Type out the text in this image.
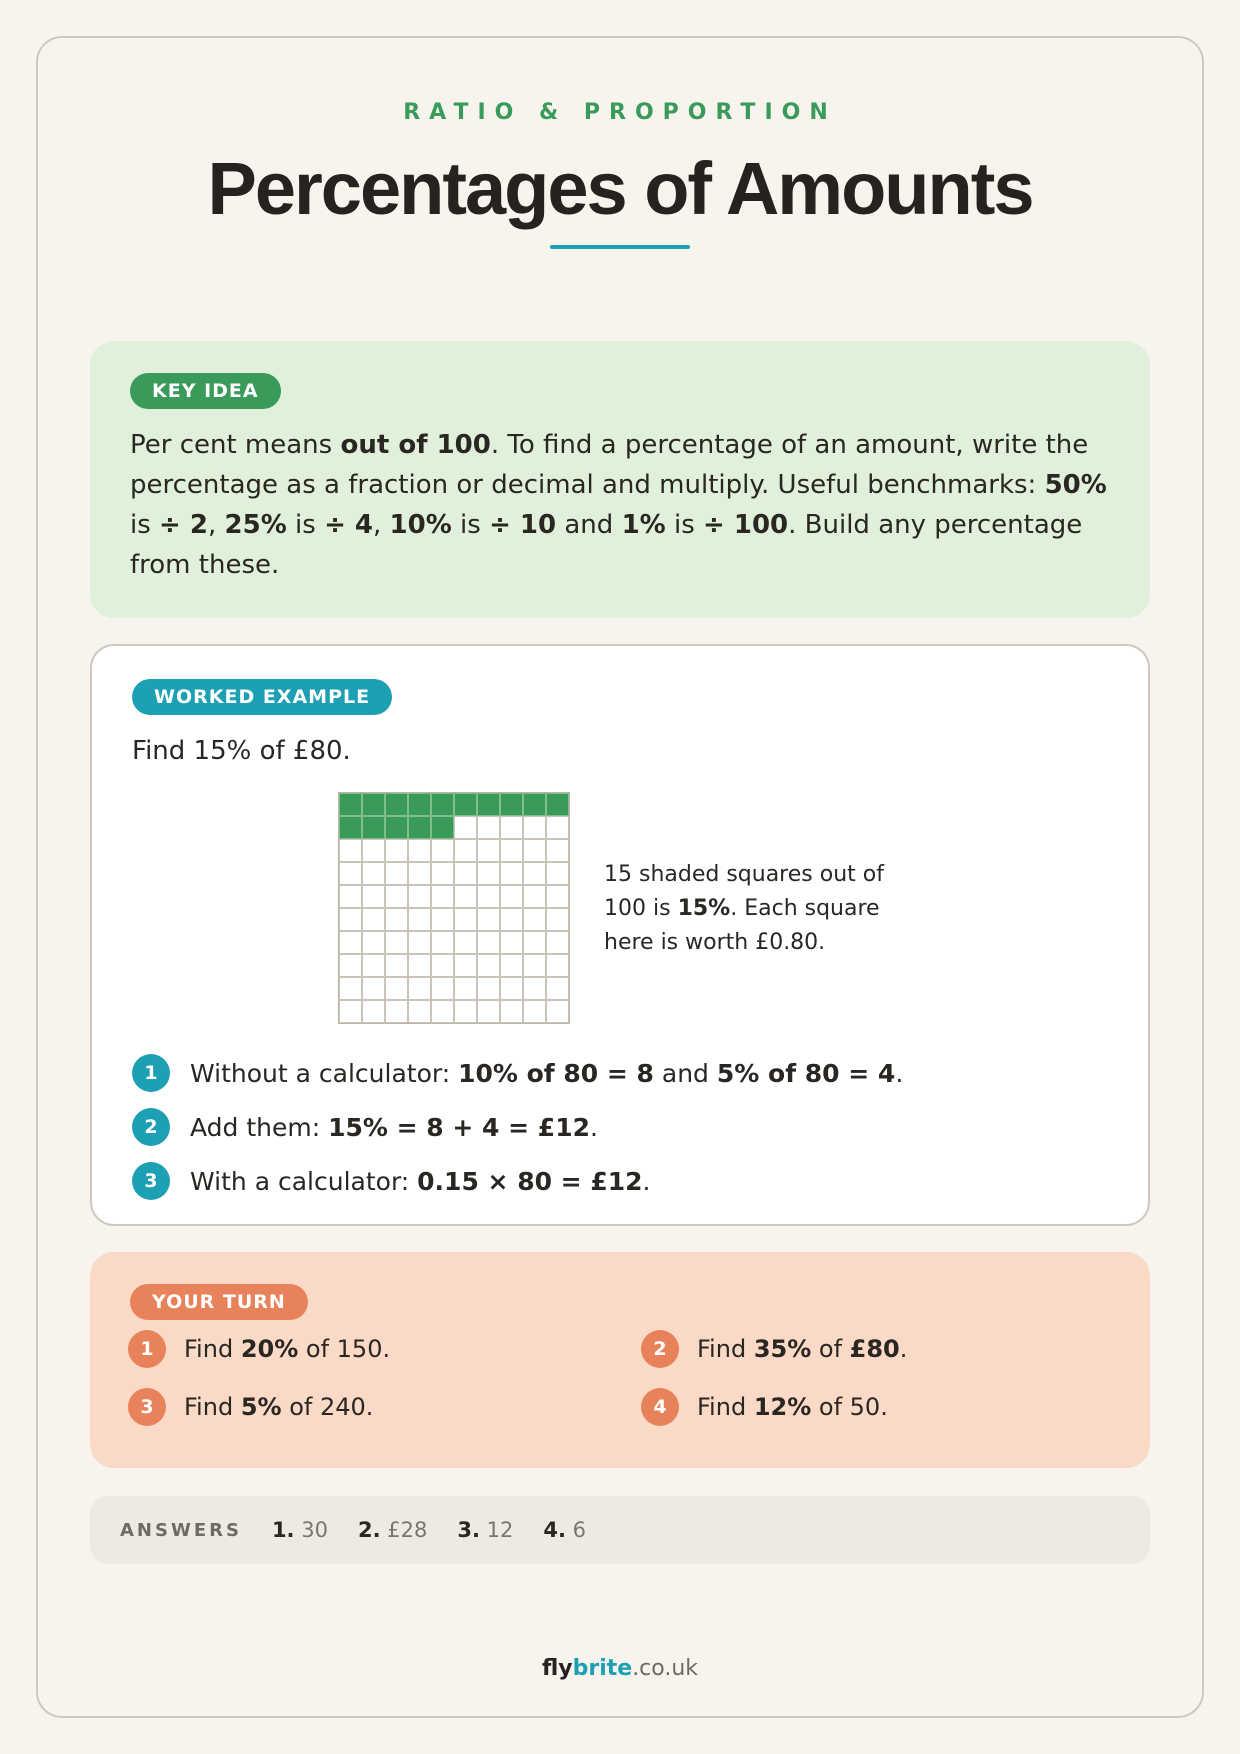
RATIO & PROPORTION
Percentages of Amounts
KEY IDEA

Per cent means out of 100. To find a percentage of an amount, write the percentage as a fraction or decimal and multiply. Useful benchmarks: 50% is ÷ 2, 25% is ÷ 4, 10% is ÷ 10 and 1% is ÷ 100. Build any percentage from these.

WORKED EXAMPLE
Find 15% of £80.

15 shaded squares out of 100 is 15%. Each square here is worth £0.80.

1	Without a calculator: 10% of 80 = 8 and 5% of 80 = 4.
2	Add them: 15% = 8 + 4 = £12.
3	With a calculator: 0.15 × 80 = £12.
YOUR TURN
1	Find 20% of 150.	2	Find 35% of £80.
3	Find 5% of 240.	4	Find 12% of 50.
ANSWERS 1. 30 2. £28 3. 12 4. 6
flybrite.co.uk
